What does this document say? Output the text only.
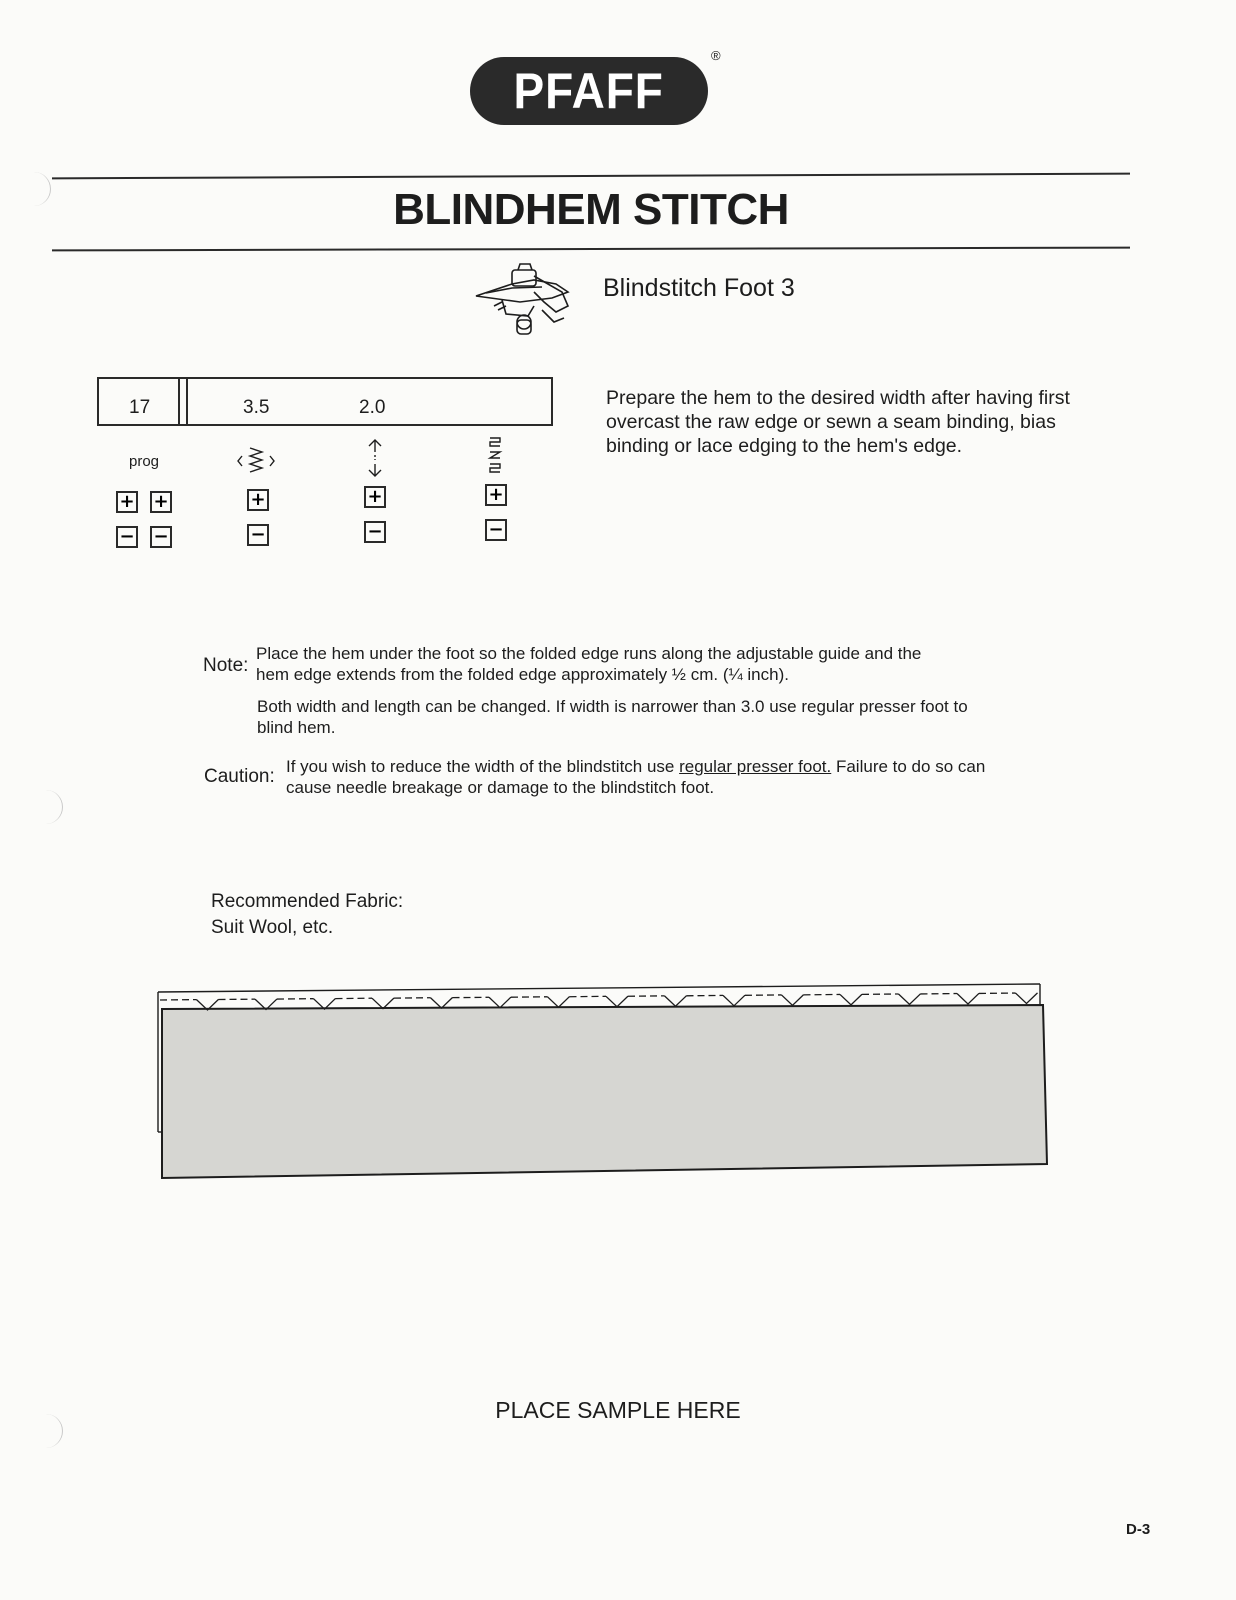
PFAFF
®
BLINDHEM STITCH
Blindstitch Foot 3
17	3.5	2.0
prog
+ +
− −
+
−
+
−
+
−

Prepare the hem to the desired width after having first overcast the raw edge or sewn a seam binding, bias binding or lace edging to the hem's edge.

Note:

Place the hem under the foot so the folded edge runs along the adjustable guide and the hem edge extends from the folded edge approximately ½ cm. (¼ inch).

Both width and length can be changed. If width is narrower than 3.0 use regular presser foot to blind hem.

Caution: If you wish to reduce the width of the blindstitch use regular presser foot. Failure to do so can cause needle breakage or damage to the blindstitch foot.

Recommended Fabric:
Suit Wool, etc.
PLACE SAMPLE HERE
D-3
